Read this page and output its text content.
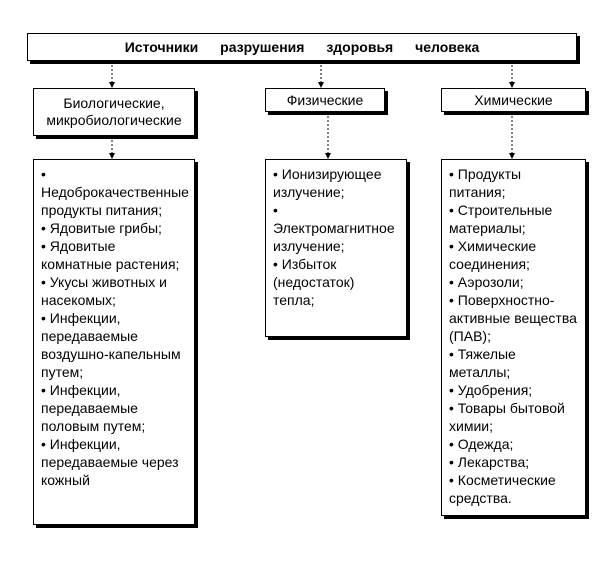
Источники разрушения здоровья человека
Биологические, микробиологические
Физические	Химические
• Недоброкачественные продукты питания;
• Ядовитые грибы;
• Ядовитые комнатные растения;
• Укусы животных и насекомых;
• Инфекции, передаваемые воздушно-капельным путем;
• Инфекции, передаваемые половым путем;
• Инфекции, передаваемые через кожный
• Ионизирующее излучение;
• Электромагнитное излучение;
• Избыток (недостаток) тепла;
• Продукты питания;
• Строительные материалы;
• Химические соединения;
• Аэрозоли;
• Поверхностно-активные вещества (ПАВ);
• Тяжелые металлы;
• Удобрения;
• Товары бытовой химии;
• Одежда;
• Лекарства;
• Косметические средства.
